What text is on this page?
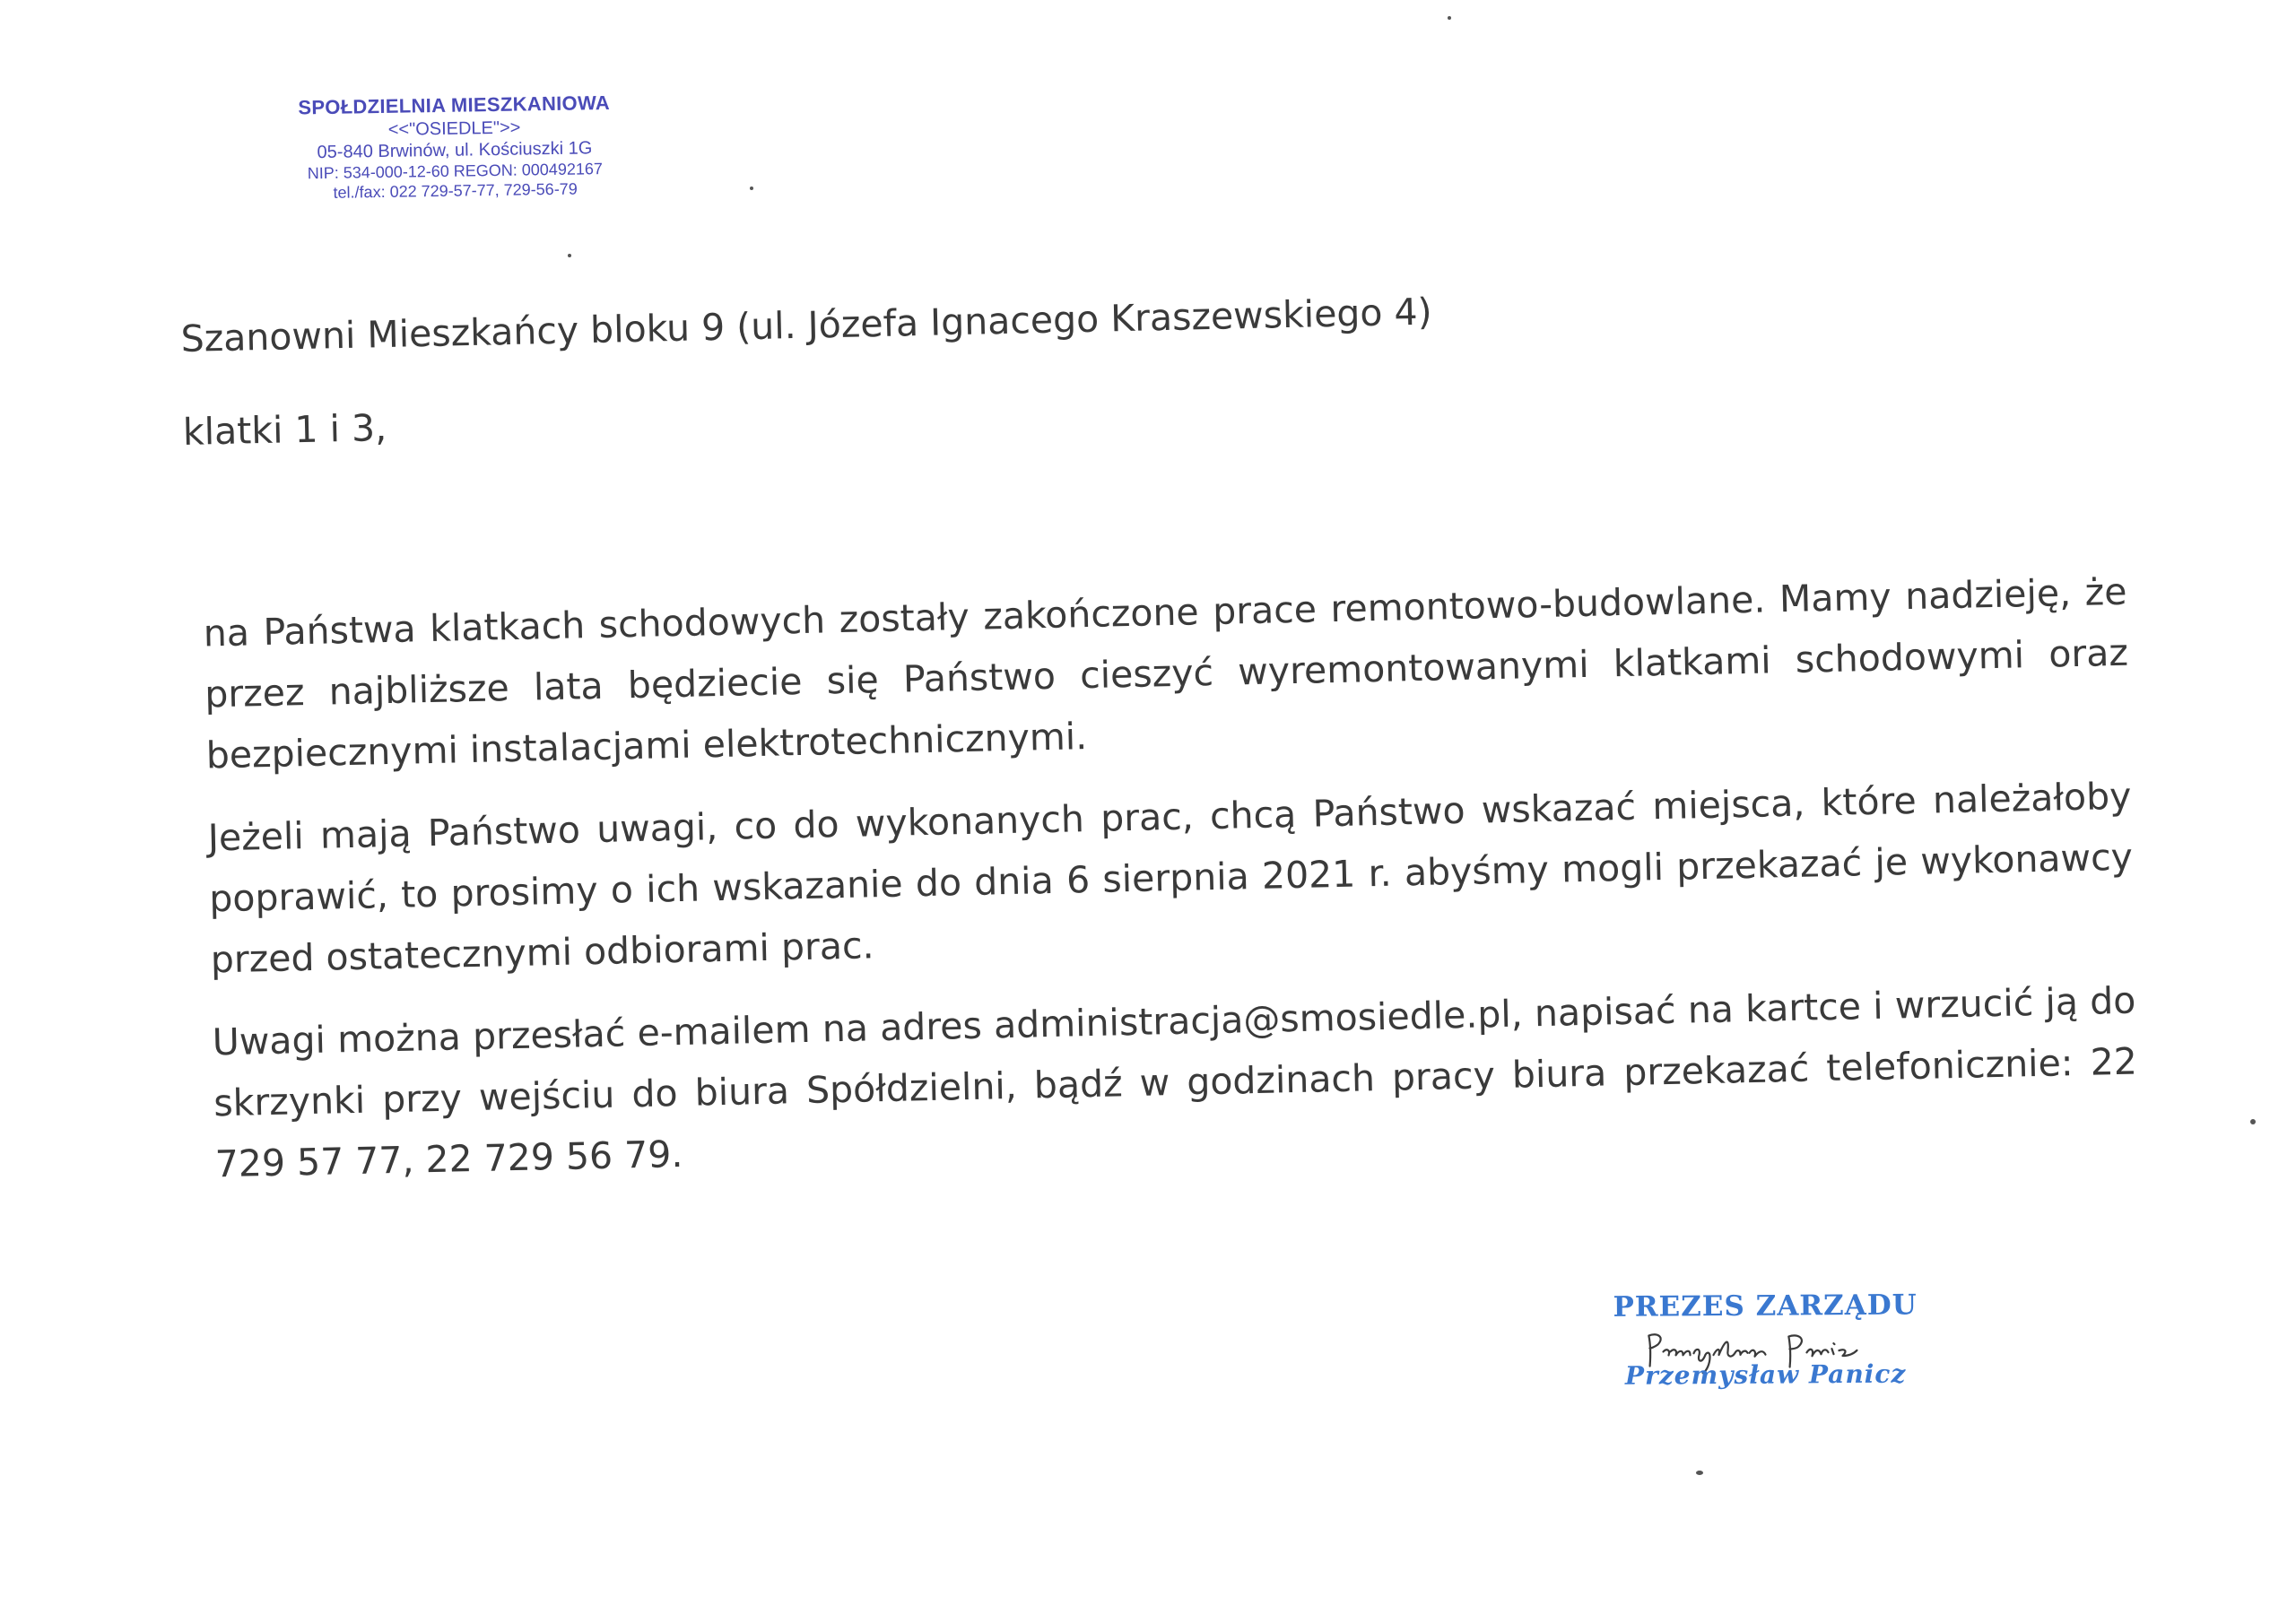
SPOŁDZIELNIA MIESZKANIOWA
<<"OSIEDLE">>
05-840 Brwinów, ul. Kościuszki 1G
NIP: 534-000-12-60 REGON: 000492167
tel./fax: 022 729-57-77, 729-56-79
Szanowni Mieszkańcy bloku 9 (ul. Józefa Ignacego Kraszewskiego 4)
klatki 1 i 3,

na Państwa klatkach schodowych zostały zakończone prace remontowo-budowlane. Mamy nadzieję, że przez najbliższe lata będziecie się Państwo cieszyć wyremontowanymi klatkami schodowymi oraz bezpiecznymi instalacjami elektrotechnicznymi.

Jeżeli mają Państwo uwagi, co do wykonanych prac, chcą Państwo wskazać miejsca, które należałoby poprawić, to prosimy o ich wskazanie do dnia 6 sierpnia 2021 r. abyśmy mogli przekazać je wykonawcy przed ostatecznymi odbiorami prac.

Uwagi można przesłać e-mailem na adres administracja@smosiedle.pl, napisać na kartce i wrzucić ją do skrzynki przy wejściu do biura Spółdzielni, bądź w godzinach pracy biura przekazać telefonicznie: 22 729 57 77, 22 729 56 79.

PREZES ZARZĄDU
Przemysław Panicz
